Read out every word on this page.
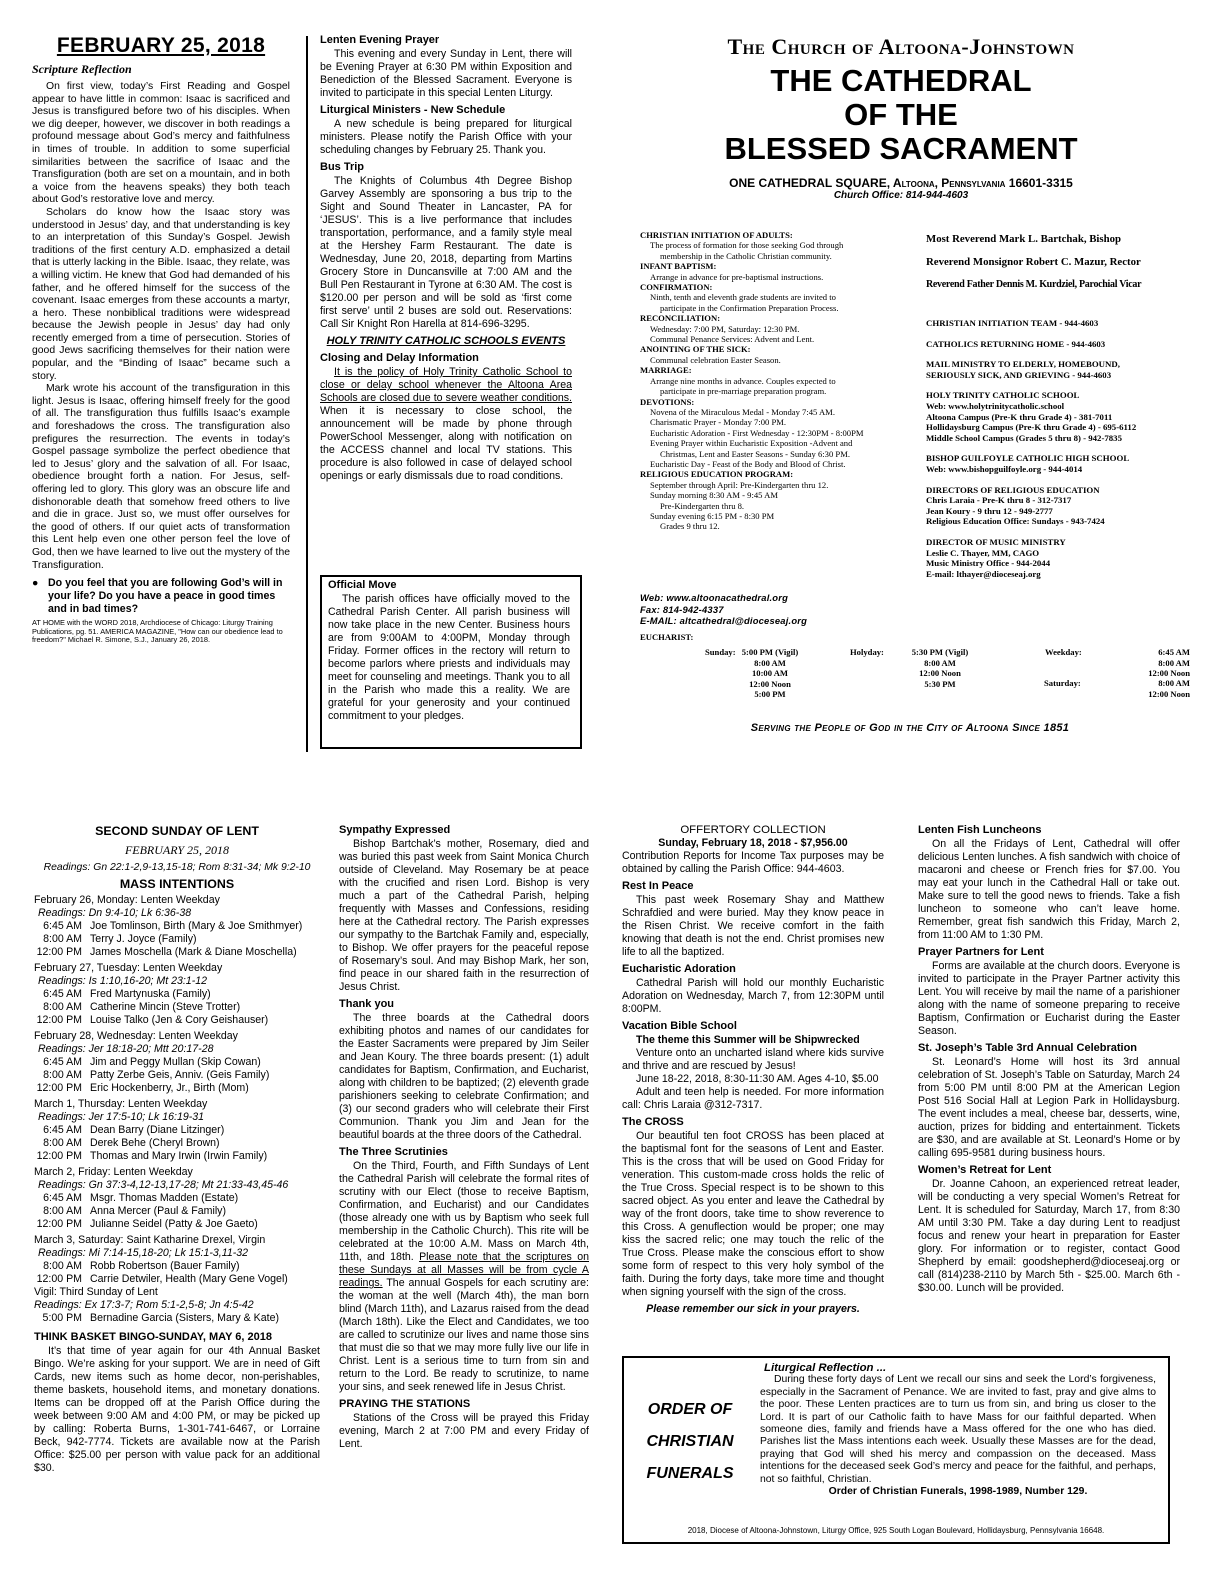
FEBRUARY 25, 2018
Scripture Reflection

On first view, today’s First Reading and Gospel appear to have little in common: Isaac is sacrificed and Jesus is transfigured before two of his disciples. When we dig deeper, however, we discover in both readings a profound message about God’s mercy and faithfulness in times of trouble. In addition to some superficial similarities between the sacrifice of Isaac and the Transfiguration (both are set on a mountain, and in both a voice from the heavens speaks) they both teach about God’s restorative love and mercy.

Scholars do know how the Isaac story was understood in Jesus’ day, and that understanding is key to an interpretation of this Sunday’s Gospel. Jewish traditions of the first century A.D. emphasized a detail that is utterly lacking in the Bible. Isaac, they relate, was a willing victim. He knew that God had demanded of his father, and he offered himself for the success of the covenant. Isaac emerges from these accounts a martyr, a hero. These nonbiblical traditions were widespread because the Jewish people in Jesus’ day had only recently emerged from a time of persecution. Stories of good Jews sacrificing themselves for their nation were popular, and the “Binding of Isaac” became such a story.

Mark wrote his account of the transfiguration in this light. Jesus is Isaac, offering himself freely for the good of all. The transfiguration thus fulfills Isaac’s example and foreshadows the cross. The transfiguration also prefigures the resurrection. The events in today’s Gospel passage symbolize the perfect obedience that led to Jesus’ glory and the salvation of all. For Isaac, obedience brought forth a nation. For Jesus, self-offering led to glory. This glory was an obscure life and dishonorable death that somehow freed others to live and die in grace. Just so, we must offer ourselves for the good of others. If our quiet acts of transformation this Lent help even one other person feel the love of God, then we have learned to live out the mystery of the Transfiguration.

● Do you feel that you are following God’s will in your life? Do you have a peace in good times and in bad times?
AT HOME with the WORD 2018, Archdiocese of Chicago: Liturgy Training Publications, pg. 51. AMERICA MAGAZINE, "How can our obedience lead to freedom?" Michael R. Simone, S.J., January 26, 2018.
Lenten Evening Prayer

This evening and every Sunday in Lent, there will be Evening Prayer at 6:30 PM within Exposition and Benediction of the Blessed Sacrament. Everyone is invited to participate in this special Lenten Liturgy.

Liturgical Ministers - New Schedule

A new schedule is being prepared for liturgical ministers. Please notify the Parish Office with your scheduling changes by February 25. Thank you.

Bus Trip

The Knights of Columbus 4th Degree Bishop Garvey Assembly are sponsoring a bus trip to the Sight and Sound Theater in Lancaster, PA for ‘JESUS’. This is a live performance that includes transportation, performance, and a family style meal at the Hershey Farm Restaurant. The date is Wednesday, June 20, 2018, departing from Martins Grocery Store in Duncansville at 7:00 AM and the Bull Pen Restaurant in Tyrone at 6:30 AM. The cost is $120.00 per person and will be sold as ‘first come first serve’ until 2 buses are sold out. Reservations: Call Sir Knight Ron Harella at 814-696-3295.

HOLY TRINITY CATHOLIC SCHOOLS EVENTS
Closing and Delay Information

It is the policy of Holy Trinity Catholic School to close or delay school whenever the Altoona Area Schools are closed due to severe weather conditions. When it is necessary to close school, the announcement will be made by phone through PowerSchool Messenger, along with notification on the ACCESS channel and local TV stations. This procedure is also followed in case of delayed school openings or early dismissals due to road conditions.

Official Move

The parish offices have officially moved to the Cathedral Parish Center. All parish business will now take place in the new Center. Business hours are from 9:00AM to 4:00PM, Monday through Friday. Former offices in the rectory will return to become parlors where priests and individuals may meet for counseling and meetings. Thank you to all in the Parish who made this a reality. We are grateful for your generosity and your continued commitment to your pledges.

The Church of Altoona-Johnstown
THE CATHEDRAL
OF THE
BLESSED SACRAMENT
ONE CATHEDRAL SQUARE, Altoona, Pennsylvania 16601-3315
Church Office: 814-944-4603
CHRISTIAN INITIATION OF ADULTS:
The process of formation for those seeking God through
membership in the Catholic Christian community.
INFANT BAPTISM:
Arrange in advance for pre-baptismal instructions.
CONFIRMATION:
Ninth, tenth and eleventh grade students are invited to
participate in the Confirmation Preparation Process.
RECONCILIATION:
Wednesday: 7:00 PM, Saturday: 12:30 PM.
Communal Penance Services: Advent and Lent.
ANOINTING OF THE SICK:
Communal celebration Easter Season.
MARRIAGE:
Arrange nine months in advance. Couples expected to
participate in pre-marriage preparation program.
DEVOTIONS:
Novena of the Miraculous Medal - Monday 7:45 AM.
Charismatic Prayer - Monday 7:00 PM.
Eucharistic Adoration - First Wednesday - 12:30PM - 8:00PM
Evening Prayer within Eucharistic Exposition -Advent and
Christmas, Lent and Easter Seasons - Sunday 6:30 PM.
Eucharistic Day - Feast of the Body and Blood of Christ.
RELIGIOUS EDUCATION PROGRAM:
September through April: Pre-Kindergarten thru 12.
Sunday morning 8:30 AM - 9:45 AM
Pre-Kindergarten thru 8.
Sunday evening 6:15 PM - 8:30 PM
Grades 9 thru 12.
Web: www.altoonacathedral.org
Fax: 814-942-4337
E-MAIL: altcathedral@dioceseaj.org
Most Reverend Mark L. Bartchak, Bishop
Reverend Monsignor Robert C. Mazur, Rector
Reverend Father Dennis M. Kurdziel, Parochial Vicar
CHRISTIAN INITIATION TEAM - 944-4603
CATHOLICS RETURNING HOME - 944-4603
MAIL MINISTRY TO ELDERLY, HOMEBOUND,
SERIOUSLY SICK, AND GRIEVING - 944-4603
HOLY TRINITY CATHOLIC SCHOOL
Web: www.holytrinitycatholic.school
Altoona Campus (Pre-K thru Grade 4) - 381-7011
Hollidaysburg Campus (Pre-K thru Grade 4) - 695-6112
Middle School Campus (Grades 5 thru 8) - 942-7835
BISHOP GUILFOYLE CATHOLIC HIGH SCHOOL
Web: www.bishopguilfoyle.org - 944-4014
DIRECTORS OF RELIGIOUS EDUCATION
Chris Laraia - Pre-K thru 8 - 312-7317
Jean Koury - 9 thru 12 - 949-2777
Religious Education Office: Sundays - 943-7424
DIRECTOR OF MUSIC MINISTRY
Leslie C. Thayer, MM, CAGO
Music Ministry Office - 944-2044
E-mail: lthayer@dioceseaj.org
EUCHARIST:
Sunday: 5:00 PM (Vigil)
8:00 AM
10:00 AM
12:00 Noon
5:00 PM
Holyday:	5:30 PM (Vigil)
8:00 AM
12:00 Noon
5:30 PM
Weekday:	6:45 AM
8:00 AM
12:00 Noon
Saturday:	8:00 AM
12:00 Noon
Serving the People of God in the City of Altoona Since 1851
SECOND SUNDAY OF LENT
FEBRUARY 25, 2018
Readings: Gn 22:1-2,9-13,15-18; Rom 8:31-34; Mk 9:2-10
MASS INTENTIONS
February 26, Monday: Lenten Weekday
Readings: Dn 9:4-10; Lk 6:36-38
6:45 AM Joe Tomlinson, Birth (Mary & Joe Smithmyer)
8:00 AM Terry J. Joyce (Family)
12:00 PM James Moschella (Mark & Diane Moschella)
February 27, Tuesday: Lenten Weekday
Readings: Is 1:10,16-20; Mt 23:1-12
6:45 AM Fred Martynuska (Family)
8:00 AM Catherine Mincin (Steve Trotter)
12:00 PM Louise Talko (Jen & Cory Geishauser)
February 28, Wednesday: Lenten Weekday
Readings: Jer 18:18-20; Mtt 20:17-28
6:45 AM Jim and Peggy Mullan (Skip Cowan)
8:00 AM Patty Zerbe Geis, Anniv. (Geis Family)
12:00 PM Eric Hockenberry, Jr., Birth (Mom)
March 1, Thursday: Lenten Weekday
Readings: Jer 17:5-10; Lk 16:19-31
6:45 AM Dean Barry (Diane Litzinger)
8:00 AM Derek Behe (Cheryl Brown)
12:00 PM Thomas and Mary Irwin (Irwin Family)
March 2, Friday: Lenten Weekday
Readings: Gn 37:3-4,12-13,17-28; Mt 21:33-43,45-46
6:45 AM Msgr. Thomas Madden (Estate)
8:00 AM Anna Mercer (Paul & Family)
12:00 PM Julianne Seidel (Patty & Joe Gaeto)
March 3, Saturday: Saint Katharine Drexel, Virgin
Readings: Mi 7:14-15,18-20; Lk 15:1-3,11-32
8:00 AM Robb Robertson (Bauer Family)
12:00 PM Carrie Detwiler, Health (Mary Gene Vogel)
Vigil: Third Sunday of Lent
Readings: Ex 17:3-7; Rom 5:1-2,5-8; Jn 4:5-42
5:00 PM Bernadine Garcia (Sisters, Mary & Kate)
THINK BASKET BINGO-SUNDAY, MAY 6, 2018

It’s that time of year again for our 4th Annual Basket Bingo. We’re asking for your support. We are in need of Gift Cards, new items such as home decor, non-perishables, theme baskets, household items, and monetary donations. Items can be dropped off at the Parish Office during the week between 9:00 AM and 4:00 PM, or may be picked up by calling: Roberta Burns, 1-301-741-6467, or Lorraine Beck, 942-7774. Tickets are available now at the Parish Office: $25.00 per person with value pack for an additional $30.

Sympathy Expressed

Bishop Bartchak’s mother, Rosemary, died and was buried this past week from Saint Monica Church outside of Cleveland. May Rosemary be at peace with the crucified and risen Lord. Bishop is very much a part of the Cathedral Parish, helping frequently with Masses and Confessions, residing here at the Cathedral rectory. The Parish expresses our sympathy to the Bartchak Family and, especially, to Bishop. We offer prayers for the peaceful repose of Rosemary’s soul. And may Bishop Mark, her son, find peace in our shared faith in the resurrection of Jesus Christ.

Thank you

The three boards at the Cathedral doors exhibiting photos and names of our candidates for the Easter Sacraments were prepared by Jim Seiler and Jean Koury. The three boards present: (1) adult candidates for Baptism, Confirmation, and Eucharist, along with children to be baptized; (2) eleventh grade parishioners seeking to celebrate Confirmation; and (3) our second graders who will celebrate their First Communion. Thank you Jim and Jean for the beautiful boards at the three doors of the Cathedral.

The Three Scrutinies

On the Third, Fourth, and Fifth Sundays of Lent the Cathedral Parish will celebrate the formal rites of scrutiny with our Elect (those to receive Baptism, Confirmation, and Eucharist) and our Candidates (those already one with us by Baptism who seek full membership in the Catholic Church). This rite will be celebrated at the 10:00 A.M. Mass on March 4th, 11th, and 18th. Please note that the scriptures on these Sundays at all Masses will be from cycle A readings. The annual Gospels for each scrutiny are: the woman at the well (March 4th), the man born blind (March 11th), and Lazarus raised from the dead (March 18th). Like the Elect and Candidates, we too are called to scrutinize our lives and name those sins that must die so that we may more fully live our life in Christ. Lent is a serious time to turn from sin and return to the Lord. Be ready to scrutinize, to name your sins, and seek renewed life in Jesus Christ.

PRAYING THE STATIONS

Stations of the Cross will be prayed this Friday evening, March 2 at 7:00 PM and every Friday of Lent.

OFFERTORY COLLECTION
Sunday, February 18, 2018 - $7,956.00

Contribution Reports for Income Tax purposes may be obtained by calling the Parish Office: 944-4603.

Rest In Peace

This past week Rosemary Shay and Matthew Schrafdied and were buried. May they know peace in the Risen Christ. We receive comfort in the faith knowing that death is not the end. Christ promises new life to all the baptized.

Eucharistic Adoration

Cathedral Parish will hold our monthly Eucharistic Adoration on Wednesday, March 7, from 12:30PM until 8:00PM.

Vacation Bible School

The theme this Summer will be Shipwrecked

Venture onto an uncharted island where kids survive and thrive and are rescued by Jesus!

June 18-22, 2018, 8:30-11:30 AM. Ages 4-10, $5.00

Adult and teen help is needed. For more information call: Chris Laraia @312-7317.

The CROSS

Our beautiful ten foot CROSS has been placed at the baptismal font for the seasons of Lent and Easter. This is the cross that will be used on Good Friday for veneration. This custom-made cross holds the relic of the True Cross. Special respect is to be shown to this sacred object. As you enter and leave the Cathedral by way of the front doors, take time to show reverence to this Cross. A genuflection would be proper; one may kiss the sacred relic; one may touch the relic of the True Cross. Please make the conscious effort to show some form of respect to this very holy symbol of the faith. During the forty days, take more time and thought when signing yourself with the sign of the cross.

Please remember our sick in your prayers.
Lenten Fish Luncheons

On all the Fridays of Lent, Cathedral will offer delicious Lenten lunches. A fish sandwich with choice of macaroni and cheese or French fries for $7.00. You may eat your lunch in the Cathedral Hall or take out. Make sure to tell the good news to friends. Take a fish luncheon to someone who can’t leave home. Remember, great fish sandwich this Friday, March 2, from 11:00 AM to 1:30 PM.

Prayer Partners for Lent

Forms are available at the church doors. Everyone is invited to participate in the Prayer Partner activity this Lent. You will receive by mail the name of a parishioner along with the name of someone preparing to receive Baptism, Confirmation or Eucharist during the Easter Season.

St. Joseph’s Table 3rd Annual Celebration

St. Leonard’s Home will host its 3rd annual celebration of St. Joseph’s Table on Saturday, March 24 from 5:00 PM until 8:00 PM at the American Legion Post 516 Social Hall at Legion Park in Hollidaysburg. The event includes a meal, cheese bar, desserts, wine, auction, prizes for bidding and entertainment. Tickets are $30, and are available at St. Leonard’s Home or by calling 695-9581 during business hours.

Women’s Retreat for Lent

Dr. Joanne Cahoon, an experienced retreat leader, will be conducting a very special Women’s Retreat for Lent. It is scheduled for Saturday, March 17, from 8:30 AM until 3:30 PM. Take a day during Lent to readjust focus and renew your heart in preparation for Easter glory. For information or to register, contact Good Shepherd by email: goodshepherd@dioceseaj.org or call (814)238-2110 by March 5th - $25.00. March 6th - $30.00. Lunch will be provided.

ORDER OF
CHRISTIAN
FUNERALS
Liturgical Reflection ...

During these forty days of Lent we recall our sins and seek the Lord’s forgiveness, especially in the Sacrament of Penance. We are invited to fast, pray and give alms to the poor. These Lenten practices are to turn us from sin, and bring us closer to the Lord. It is part of our Catholic faith to have Mass for our faithful departed. When someone dies, family and friends have a Mass offered for the one who has died. Parishes list the Mass intentions each week. Usually these Masses are for the dead, praying that God will shed his mercy and compassion on the deceased. Mass intentions for the deceased seek God’s mercy and peace for the faithful, and perhaps, not so faithful, Christian.

Order of Christian Funerals, 1998-1989, Number 129.
2018, Diocese of Altoona-Johnstown, Liturgy Office, 925 South Logan Boulevard, Hollidaysburg, Pennsylvania 16648.
